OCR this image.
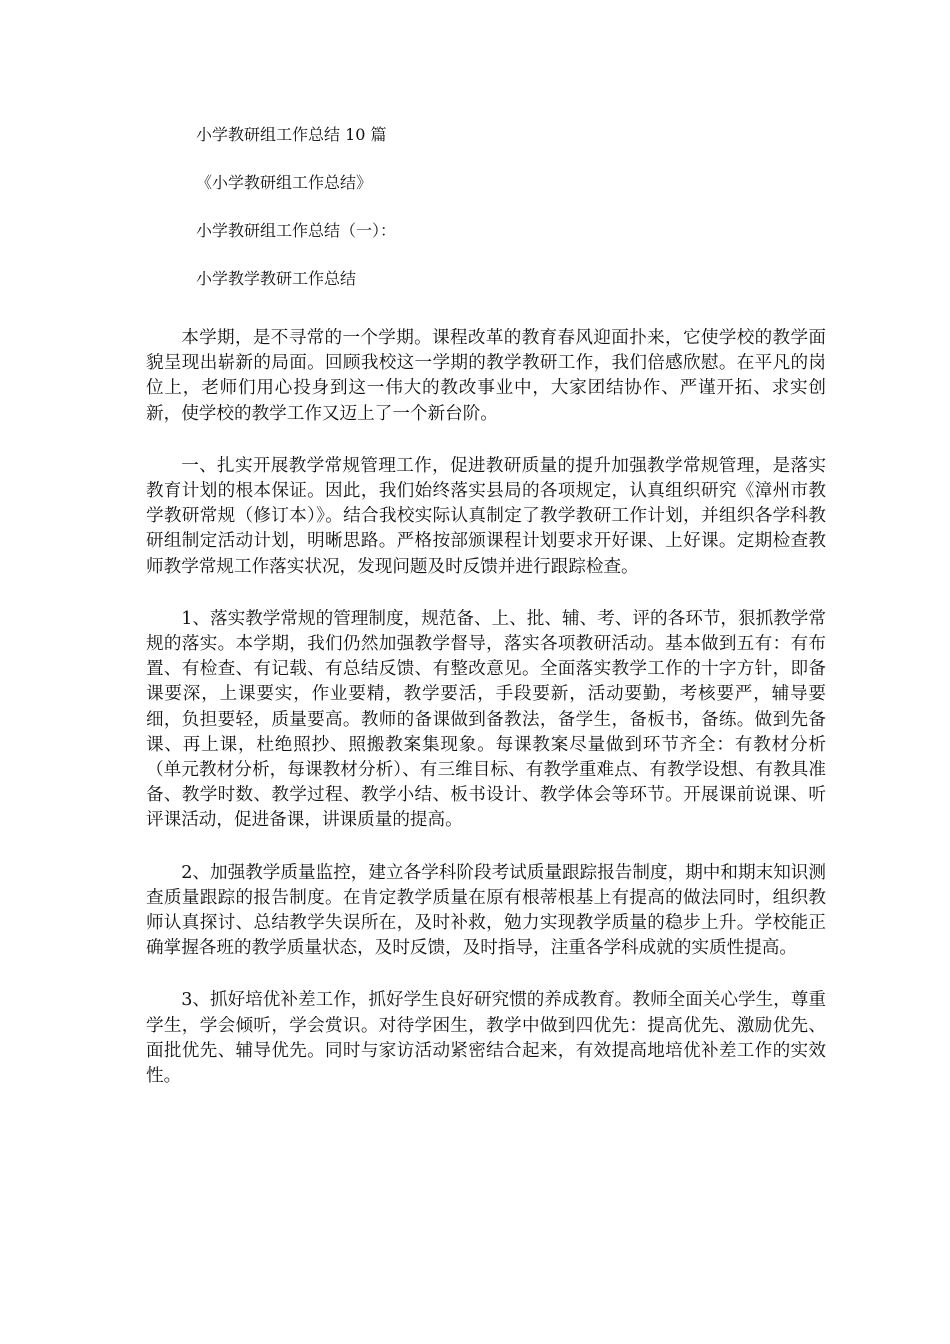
小学教研组工作总结 10 篇
《小学教研组工作总结》
小学教研组工作总结（一）：
小学教学教研工作总结

本学期，是不寻常的一个学期。课程改革的教育春风迎面扑来，它使学校的教学面貌呈现出崭新的局面。回顾我校这一学期的教学教研工作，我们倍感欣慰。在平凡的岗位上，老师们用心投身到这一伟大的教改事业中，大家团结协作、严谨开拓、求实创新，使学校的教学工作又迈上了一个新台阶。

一、扎实开展教学常规管理工作，促进教研质量的提升加强教学常规管理，是落实教育计划的根本保证。因此，我们始终落实县局的各项规定，认真组织研究《漳州市教学教研常规（修订本）》。结合我校实际认真制定了教学教研工作计划，并组织各学科教研组制定活动计划，明晰思路。严格按部颁课程计划要求开好课、上好课。定期检查教师教学常规工作落实状况，发现问题及时反馈并进行跟踪检查。

1、落实教学常规的管理制度，规范备、上、批、辅、考、评的各环节，狠抓教学常规的落实。本学期，我们仍然加强教学督导，落实各项教研活动。基本做到五有：有布置、有检查、有记载、有总结反馈、有整改意见。全面落实教学工作的十字方针，即备课要深，上课要实，作业要精，教学要活，手段要新，活动要勤，考核要严，辅导要细，负担要轻，质量要高。教师的备课做到备教法，备学生，备板书，备练。做到先备课、再上课，杜绝照抄、照搬教案集现象。每课教案尽量做到环节齐全：有教材分析（单元教材分析，每课教材分析）、有三维目标、有教学重难点、有教学设想、有教具准备、教学时数、教学过程、教学小结、板书设计、教学体会等环节。开展课前说课、听评课活动，促进备课，讲课质量的提高。

2、加强教学质量监控，建立各学科阶段考试质量跟踪报告制度，期中和期末知识测查质量跟踪的报告制度。在肯定教学质量在原有根蒂根基上有提高的做法同时，组织教师认真探讨、总结教学失误所在，及时补救，勉力实现教学质量的稳步上升。学校能正确掌握各班的教学质量状态，及时反馈，及时指导，注重各学科成就的实质性提高。

3、抓好培优补差工作，抓好学生良好研究惯的养成教育。教师全面关心学生，尊重学生，学会倾听，学会赏识。对待学困生，教学中做到四优先：提高优先、激励优先、面批优先、辅导优先。同时与家访活动紧密结合起来，有效提高地培优补差工作的实效性。
